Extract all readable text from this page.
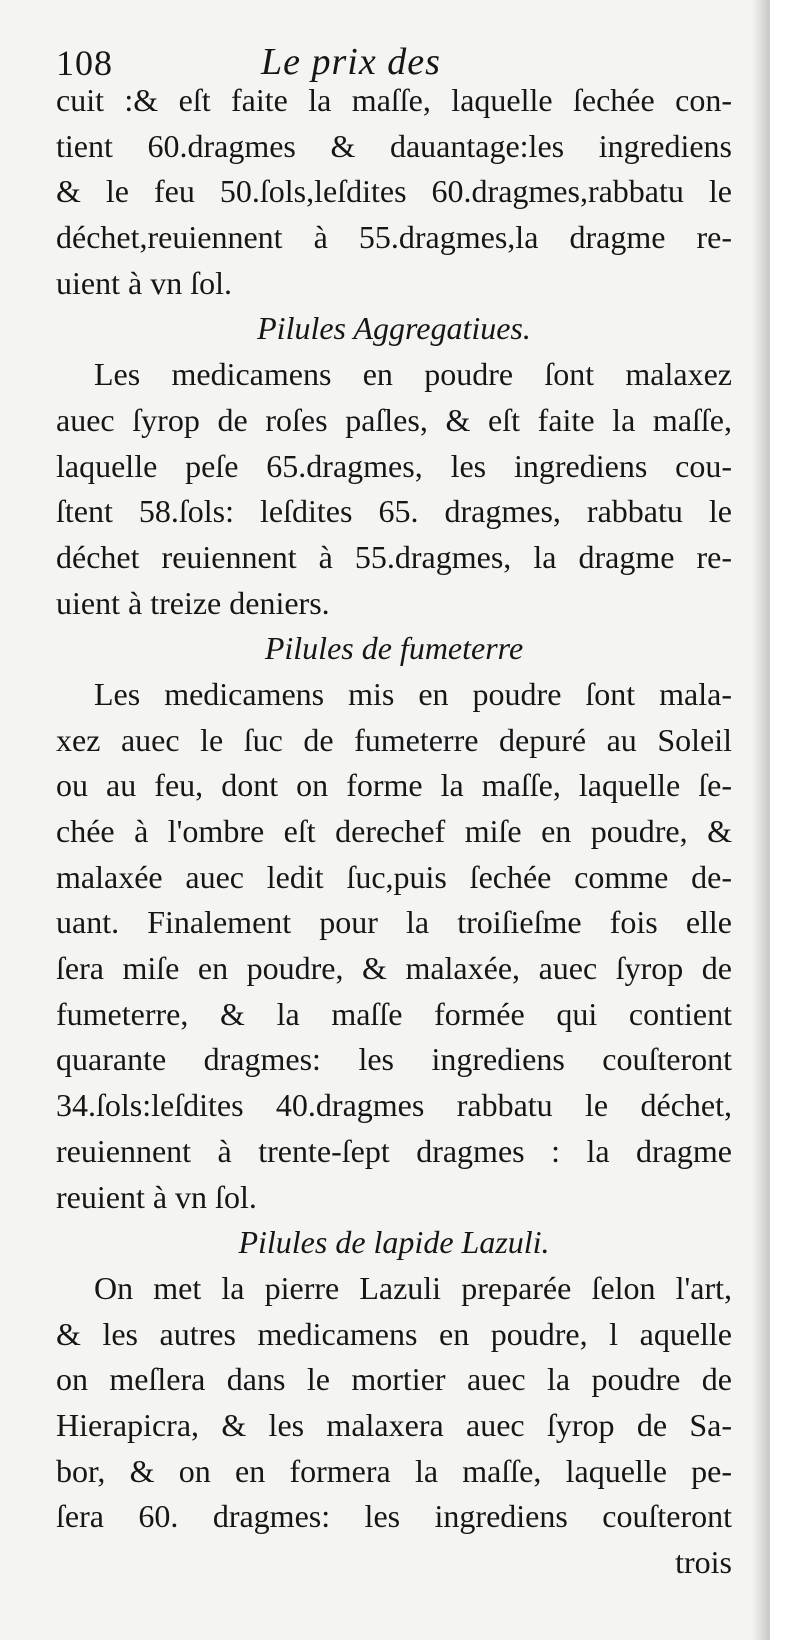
108	Le prix des
cuit :& eſt faite la maſſe, laquelle ſechée con-
tient 60.dragmes & dauantage:les ingrediens
& le feu 50.ſols,leſdites 60.dragmes,rabbatu le
déchet,reuiennent à 55.dragmes,la dragme re-
uient à vn ſol.
Pilules Aggregatiues.
Les medicamens en poudre ſont malaxez
auec ſyrop de roſes paſles, & eſt faite la maſſe,
laquelle peſe 65.dragmes, les ingrediens cou-
ſtent 58.ſols: leſdites 65. dragmes, rabbatu le
déchet reuiennent à 55.dragmes, la dragme re-
uient à treize deniers.
Pilules de fumeterre
Les medicamens mis en poudre ſont mala-
xez auec le ſuc de fumeterre depuré au Soleil
ou au feu, dont on forme la maſſe, laquelle ſe-
chée à l'ombre eſt derechef miſe en poudre, &
malaxée auec ledit ſuc,puis ſechée comme de-
uant. Finalement pour la troiſieſme fois elle
ſera miſe en poudre, & malaxée, auec ſyrop de
fumeterre, & la maſſe formée qui contient
quarante dragmes: les ingrediens couſteront
34.ſols:leſdites 40.dragmes rabbatu le déchet,
reuiennent à trente-ſept dragmes : la dragme
reuient à vn ſol.
Pilules de lapide Lazuli.
On met la pierre Lazuli preparée ſelon l'art,
& les autres medicamens en poudre, l aquelle
on meſlera dans le mortier auec la poudre de
Hierapicra, & les malaxera auec ſyrop de Sa-
bor, & on en formera la maſſe, laquelle pe-
ſera 60. dragmes: les ingrediens couſteront
trois
